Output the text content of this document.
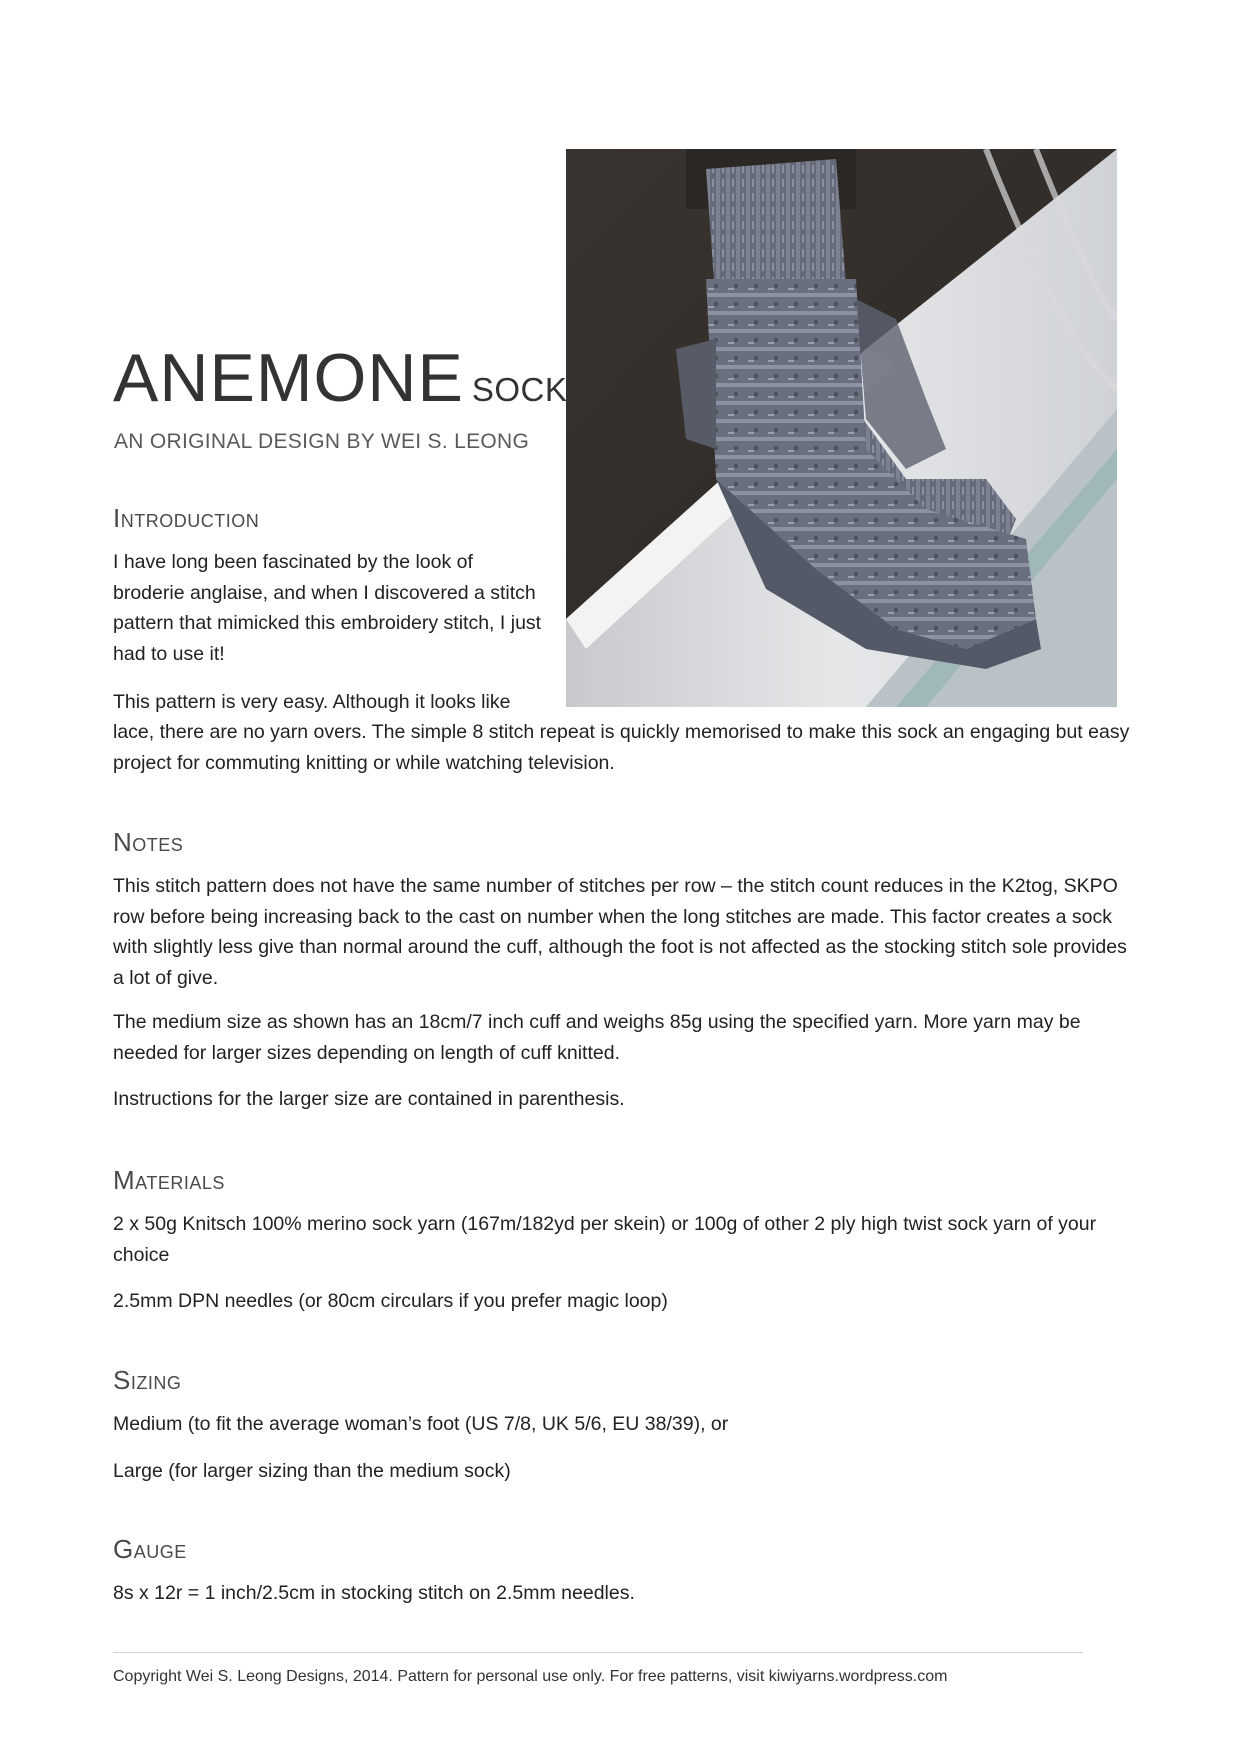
ANEMONE SOCKS
AN ORIGINAL DESIGN BY WEI S. LEONG
Introduction

I have long been fascinated by the look of broderie anglaise, and when I discovered a stitch pattern that mimicked this embroidery stitch, I just had to use it!

This pattern is very easy. Although it looks like

lace, there are no yarn overs. The simple 8 stitch repeat is quickly memorised to make this sock an engaging but easy project for commuting knitting or while watching television.

Notes

This stitch pattern does not have the same number of stitches per row – the stitch count reduces in the K2tog, SKPO row before being increasing back to the cast on number when the long stitches are made. This factor creates a sock with slightly less give than normal around the cuff, although the foot is not affected as the stocking stitch sole provides a lot of give.

The medium size as shown has an 18cm/7 inch cuff and weighs 85g using the specified yarn. More yarn may be needed for larger sizes depending on length of cuff knitted.

Instructions for the larger size are contained in parenthesis.

Materials

2 x 50g Knitsch 100% merino sock yarn (167m/182yd per skein) or 100g of other 2 ply high twist sock yarn of your choice

2.5mm DPN needles (or 80cm circulars if you prefer magic loop)

Sizing

Medium (to fit the average woman’s foot (US 7/8, UK 5/6, EU 38/39), or

Large (for larger sizing than the medium sock)

Gauge

8s x 12r = 1 inch/2.5cm in stocking stitch on 2.5mm needles.

Copyright Wei S. Leong Designs, 2014. Pattern for personal use only. For free patterns, visit kiwiyarns.wordpress.com
